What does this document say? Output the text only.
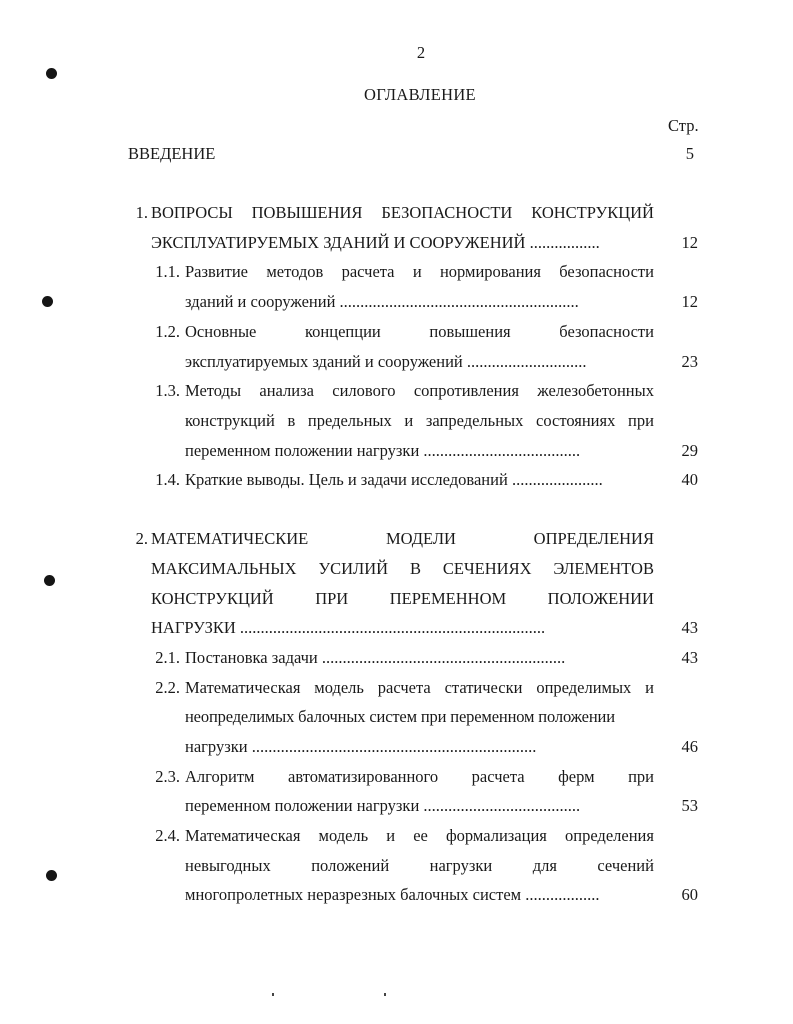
2
ОГЛАВЛЕНИЕ
Стр.
ВВЕДЕНИЕ	5
1. ВОПРОСЫ ПОВЫШЕНИЯ БЕЗОПАСНОСТИ КОНСТРУКЦИЙ
ЭКСПЛУАТИРУЕМЫХ ЗДАНИЙ И СООРУЖЕНИЙ .................	12
1.1. Развитие методов расчета и нормирования безопасности
зданий и сооружений ..........................................................	12
1.2. Основные	концепции	повышения	безопасности
эксплуатируемых зданий и сооружений .............................	23
1.3. Методы анализа силового сопротивления железобетонных
конструкций в предельных и запредельных состояниях при
переменном положении нагрузки ......................................	29
1.4. Краткие выводы. Цель и задачи исследований ......................	40
2. МАТЕМАТИЧЕСКИЕ	МОДЕЛИ	ОПРЕДЕЛЕНИЯ
МАКСИМАЛЬНЫХ УСИЛИЙ В СЕЧЕНИЯХ ЭЛЕМЕНТОВ
КОНСТРУКЦИЙ	ПРИ	ПЕРЕМЕННОМ	ПОЛОЖЕНИИ
НАГРУЗКИ ..........................................................................	43
2.1. Постановка задачи ...........................................................	43
2.2. Математическая модель расчета статически определимых и
неопределимых балочных систем при переменном положении
нагрузки .....................................................................	46
2.3. Алгоритм автоматизированного расчета ферм при
переменном положении нагрузки ......................................	53
2.4. Математическая модель и ее формализация определения
невыгодных положений нагрузки для сечений
многопролетных неразрезных балочных систем ..................	60
